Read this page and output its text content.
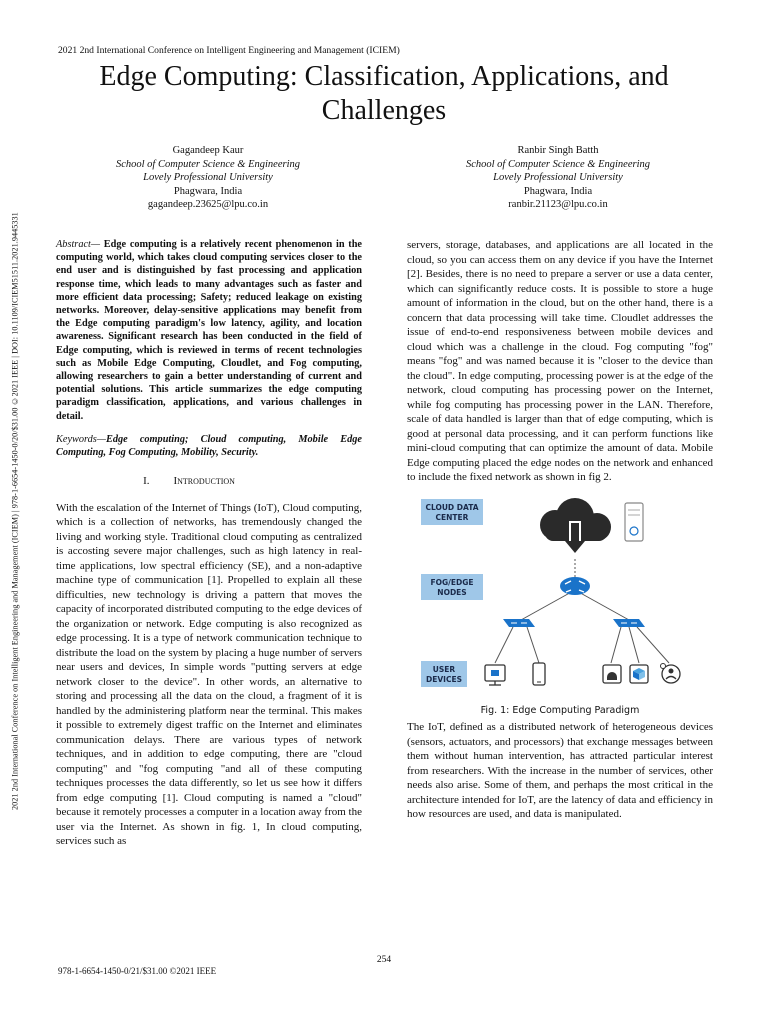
2021 2nd International Conference on Intelligent Engineering and Management (ICIEM)
Edge Computing: Classification, Applications, and
Challenges
Gagandeep Kaur
School of Computer Science & Engineering
Lovely Professional University
Phagwara, India
gagandeep.23625@lpu.co.in
Ranbir Singh Batth
School of Computer Science & Engineering
Lovely Professional University
Phagwara, India
ranbir.21123@lpu.co.in
2021 2nd International Conference on Intelligent Engineering and Management (ICIEM) | 978-1-6654-1450-0/20/$31.00 ©2021 IEEE | DOI: 10.1109/ICIEM51511.2021.9445331	Abstract— Edge computing is a relatively recent phenomenon in the computing world, which takes cloud computing services closer to the end user and is distinguished by fast processing and application response time, which leads to many advantages such as faster and more efficient data processing; Safety; reduced leakage on existing networks. Moreover, delay-sensitive applications may benefit from the Edge computing paradigm's low latency, agility, and location awareness. Significant research has been conducted in the field of Edge computing, which is reviewed in terms of recent technologies such as Mobile Edge Computing, Cloudlet, and Fog computing, allowing researchers to gain a better understanding of current and potential solutions. This article summarizes the edge computing paradigm classification, applications, and various challenges in detail.

Keywords—Edge computing; Cloud computing, Mobile Edge Computing, Fog Computing, Mobility, Security.

I. Introduction

With the escalation of the Internet of Things (IoT), Cloud computing, which is a collection of networks, has tremendously changed the living and working style. Traditional cloud computing as centralized is accosting severe major challenges, such as high latency in real-time applications, low spectral efficiency (SE), and a non-adaptive machine type of communication [1]. Propelled to explain all these difficulties, new technology is driving a pattern that moves the capacity of incorporated distributed computing to the edge devices of the organization or network. Edge computing is also recognized as edge processing. It is a type of network communication technique to distribute the load on the system by placing a huge number of servers near users and devices, In simple words "putting servers at edge network closer to the device". In other words, an alternative to storing and processing all the data on the cloud, a fragment of it is handled by the administering platform near the terminal. This makes it possible to extremely digest traffic on the Internet and eliminates communication delays. There are various types of network techniques, and in addition to edge computing, there are "cloud computing" and "fog computing "and all of these computing techniques processes the data differently, so let us see how it differs from edge computing [1]. Cloud computing is named a "cloud" because it remotely processes a computer in a location away from the user via the Internet. As shown in fig. 1, In cloud computing, services such as

servers, storage, databases, and applications are all located in the cloud, so you can access them on any device if you have the Internet [2]. Besides, there is no need to prepare a server or use a data center, which can significantly reduce costs. It is possible to store a huge amount of information in the cloud, but on the other hand, there is a concern that data processing will take time. Cloudlet addresses the issue of end-to-end responsiveness between mobile devices and cloud which was a challenge in the cloud. Fog computing "fog" means "fog" and was named because it is "closer to the device than the cloud". In edge computing, processing power is at the edge of the network, cloud computing has processing power on the Internet, while fog computing has processing power in the LAN. Therefore, scale of data handled is larger than that of edge computing, which is good at personal data processing, and it can perform functions like mini-cloud computing that can optimize the amount of data. Mobile Edge computing placed the edge nodes on the network and enhanced to include the fixed network as shown in fig 2.

CLOUD DATA
CENTER
FOG/EDGE
NODES
USER
DEVICES
Fig. 1: Edge Computing Paradigm

The IoT, defined as a distributed network of heterogeneous devices (sensors, actuators, and processors) that exchange messages between them without human intervention, has attracted particular interest from researchers. With the increase in the number of services, other needs also arise. Some of them, and perhaps the most critical in the architecture intended for IoT, are the latency of data and efficiency in how resources are used, and data is manipulated.

254
978-1-6654-1450-0/21/$31.00 ©2021 IEEE
